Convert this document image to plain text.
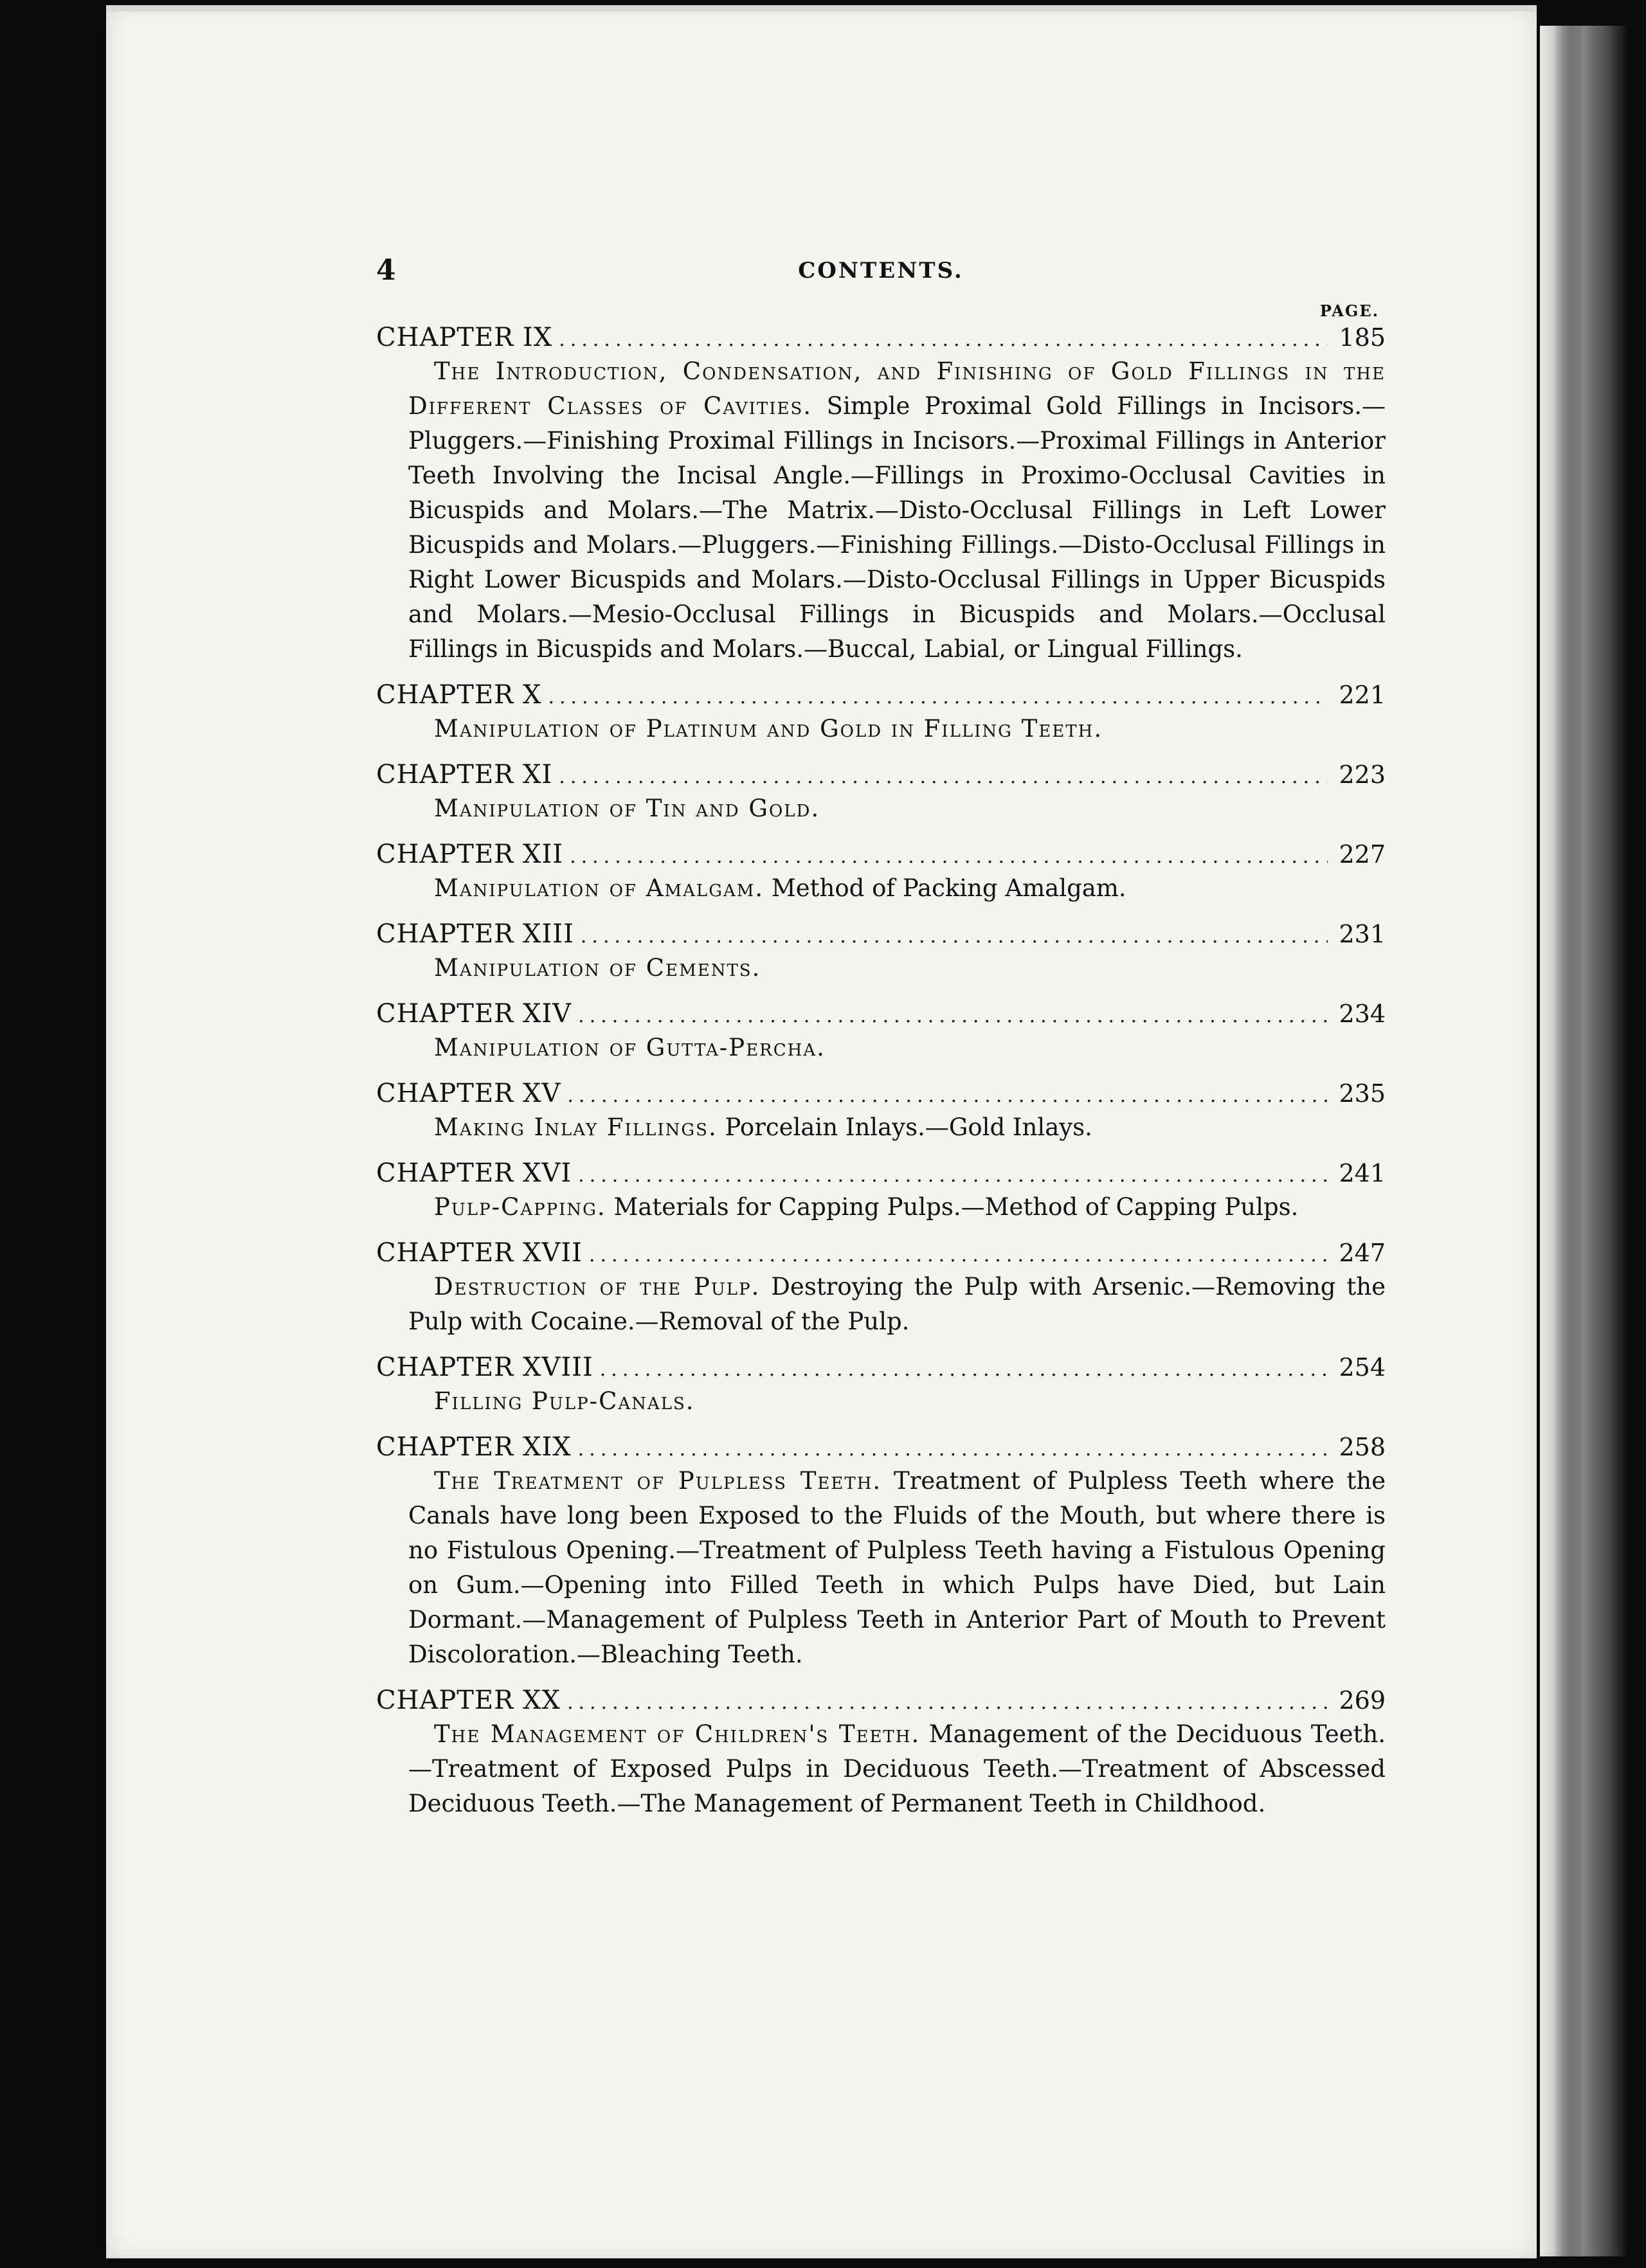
4	CONTENTS.
PAGE.
CHAPTER IX .....	185
The Introduction, Condensation, and Finishing of Gold Fillings in the Different Classes of Cavities. Simple Proximal Gold Fillings in Incisors.—Pluggers.—Finishing Proximal Fillings in Incisors.—Proximal Fillings in Anterior Teeth Involving the Incisal Angle.—Fillings in Proximo-Occlusal Cavities in Bicuspids and Molars.—The Matrix.—Disto-Occlusal Fillings in Left Lower Bicuspids and Molars.—Pluggers.—Finishing Fillings.—Disto-Occlusal Fillings in Right Lower Bicuspids and Molars.—Disto-Occlusal Fillings in Upper Bicuspids and Molars.—Mesio-Occlusal Fillings in Bicuspids and Molars.—Occlusal Fillings in Bicuspids and Molars.—Buccal, Labial, or Lingual Fillings.
CHAPTER X .....	221
Manipulation of Platinum and Gold in Filling Teeth.
CHAPTER XI .....	223
Manipulation of Tin and Gold.
CHAPTER XII .....	227
Manipulation of Amalgam. Method of Packing Amalgam.
CHAPTER XIII .....	231
Manipulation of Cements.
CHAPTER XIV .....	234
Manipulation of Gutta-Percha.
CHAPTER XV .....	235
Making Inlay Fillings. Porcelain Inlays.—Gold Inlays.
CHAPTER XVI .....	241
Pulp-Capping. Materials for Capping Pulps.—Method of Capping Pulps.
CHAPTER XVII .....	247
Destruction of the Pulp. Destroying the Pulp with Arsenic.—Removing the Pulp with Cocaine.—Removal of the Pulp.
CHAPTER XVIII .....	254
Filling Pulp-Canals.
CHAPTER XIX .....	258
The Treatment of Pulpless Teeth. Treatment of Pulpless Teeth where the Canals have long been Exposed to the Fluids of the Mouth, but where there is no Fistulous Opening.—Treatment of Pulpless Teeth having a Fistulous Opening on Gum.—Opening into Filled Teeth in which Pulps have Died, but Lain Dormant.—Management of Pulpless Teeth in Anterior Part of Mouth to Prevent Discoloration.—Bleaching Teeth.
CHAPTER XX .....	269
The Management of Children's Teeth. Management of the Deciduous Teeth.—Treatment of Exposed Pulps in Deciduous Teeth.—Treatment of Abscessed Deciduous Teeth.—The Management of Permanent Teeth in Childhood.
